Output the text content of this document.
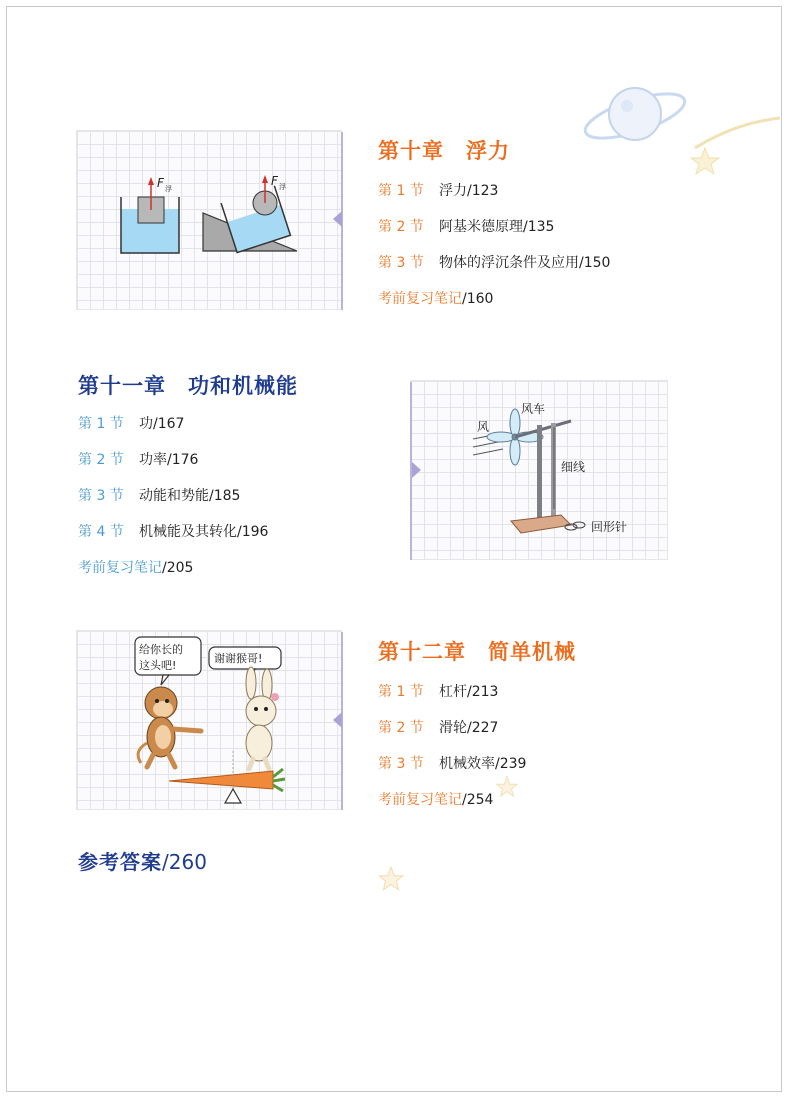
F 浮
F 浮
第十章　浮力
第 1 节 浮力/123
第 2 节 阿基米德原理/135
第 3 节 物体的浮沉条件及应用/150
考前复习笔记/160
第十一章　功和机械能
第 1 节 功/167
第 2 节 功率/176
第 3 节 动能和势能/185
第 4 节 机械能及其转化/196
考前复习笔记/205
风
风车
细线
回形针
给你长的
这头吧!
谢谢猴哥!	第十二章　简单机械
第 1 节 杠杆/213
第 2 节 滑轮/227
第 3 节 机械效率/239
考前复习笔记/254
参考答案/260
